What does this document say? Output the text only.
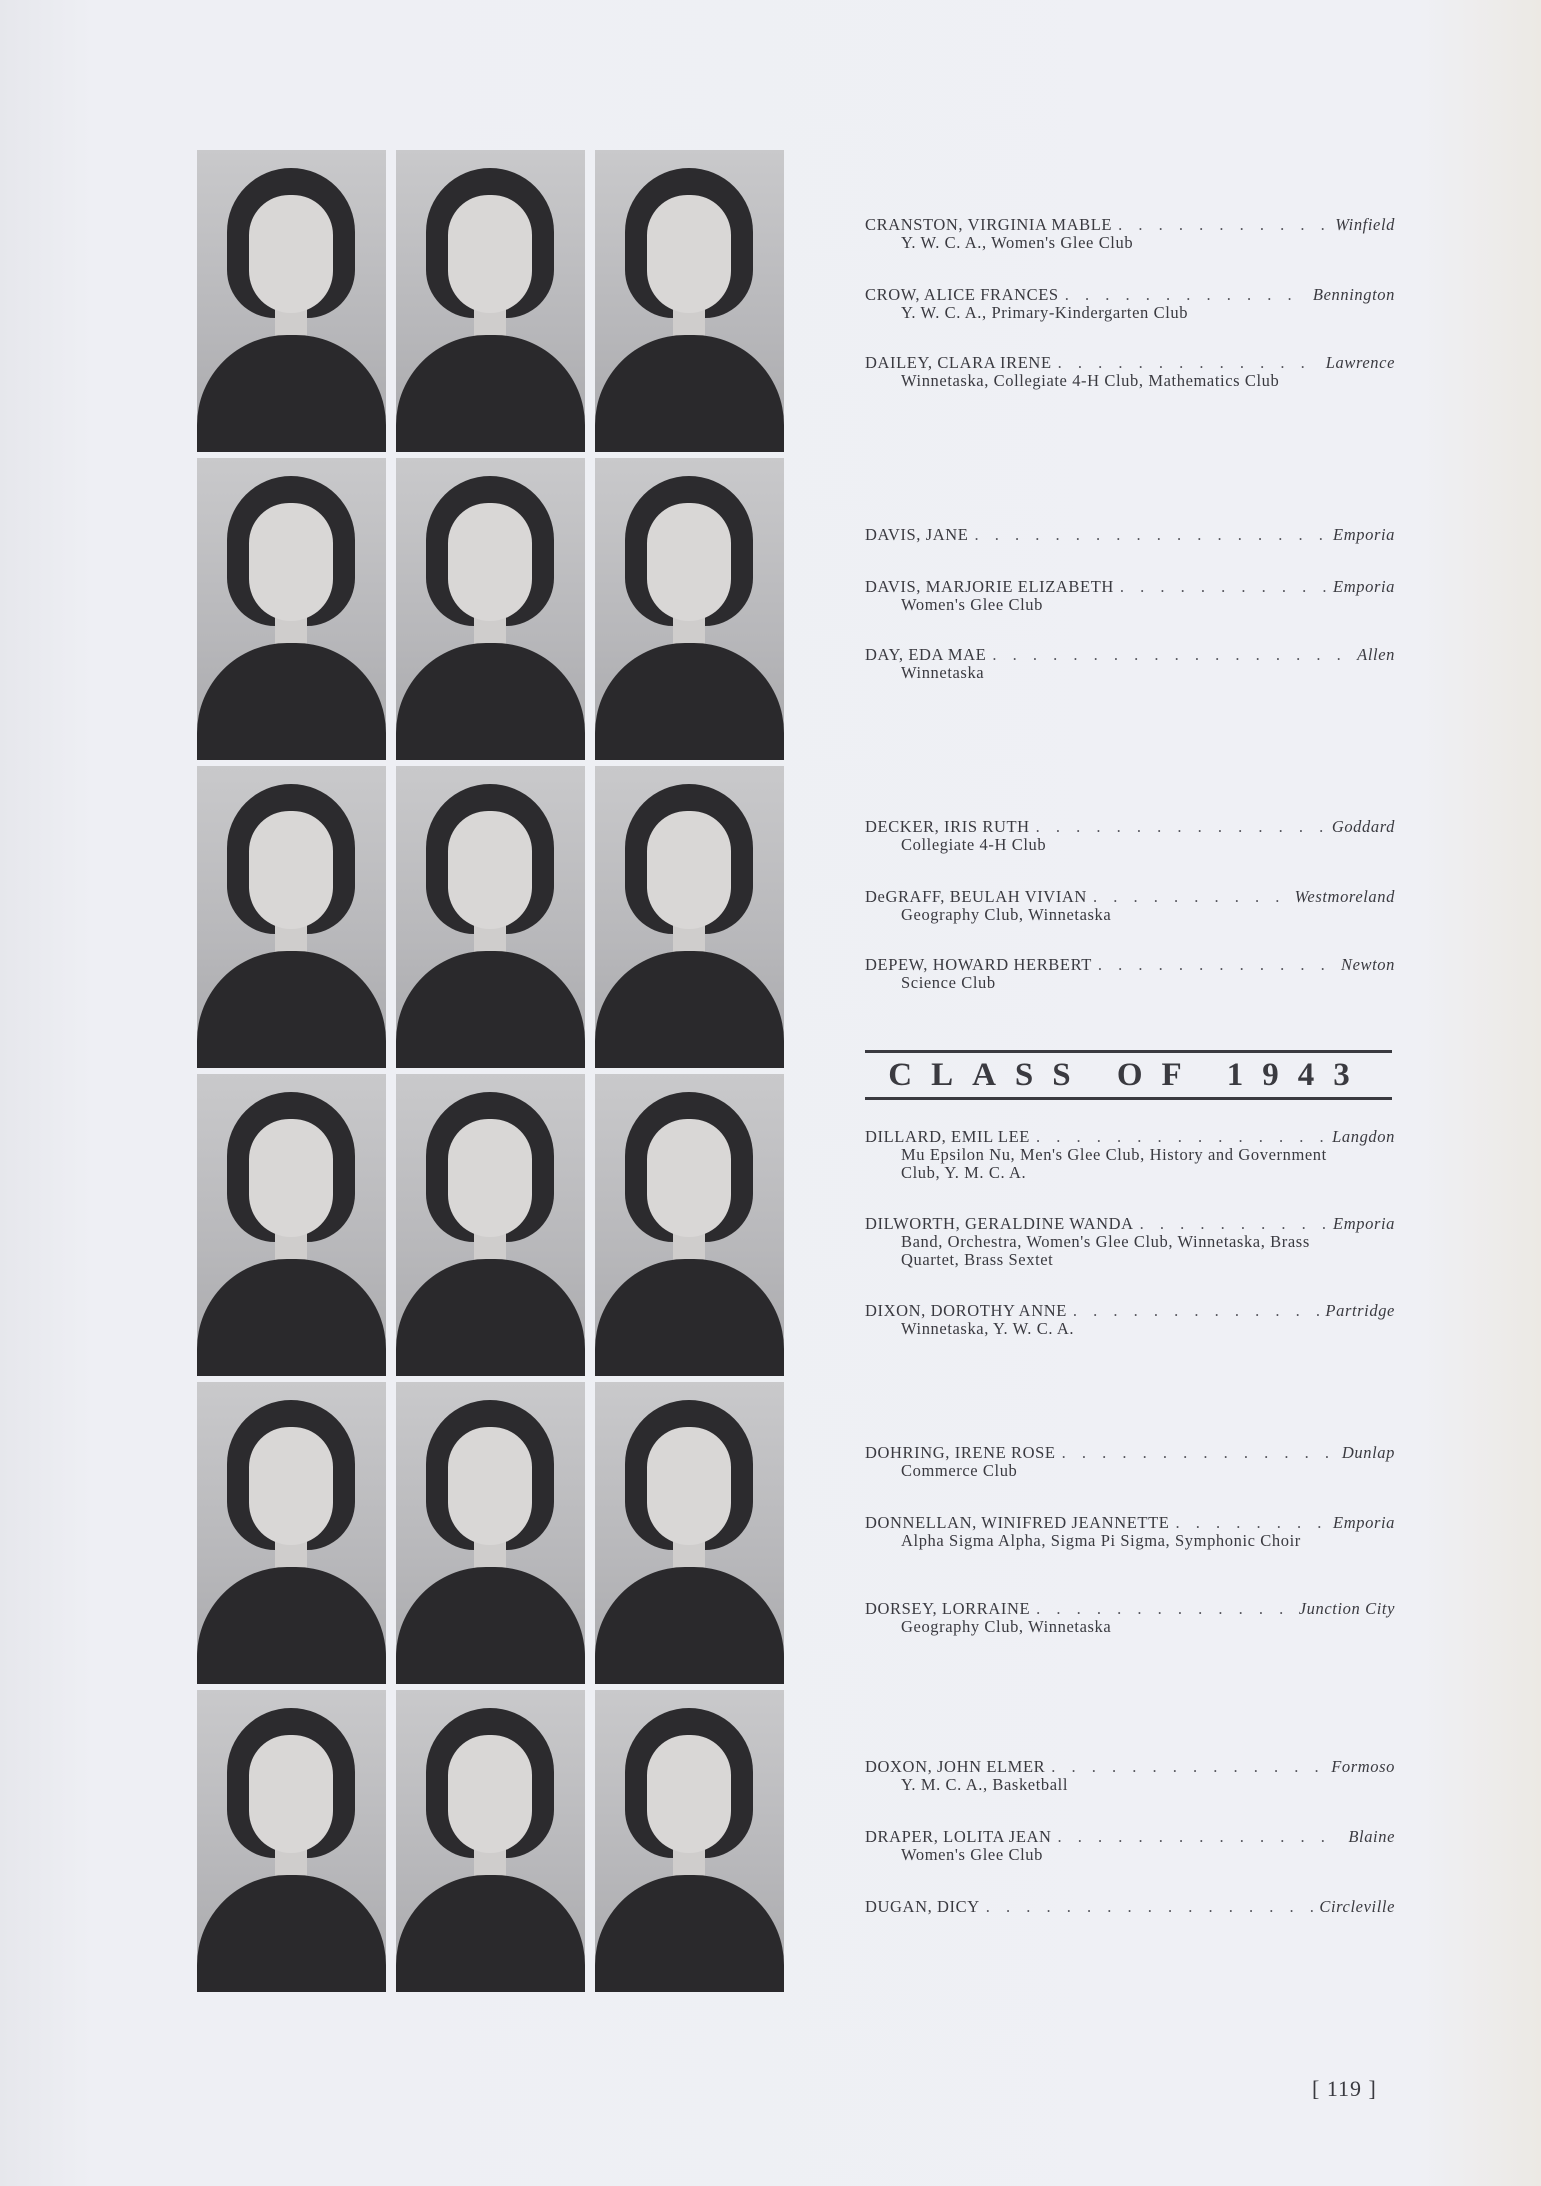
CRANSTON, VIRGINIA MABLE . . .	Winfield
Y. W. C. A., Women's Glee Club
CROW, ALICE FRANCES . . .	Bennington
Y. W. C. A., Primary-Kindergarten Club
DAILEY, CLARA IRENE . . .	Lawrence
Winnetaska, Collegiate 4-H Club, Mathematics Club
DAVIS, JANE . . .	Emporia
DAVIS, MARJORIE ELIZABETH . . .	Emporia
Women's Glee Club
DAY, EDA MAE . . .	Allen
Winnetaska
DECKER, IRIS RUTH . . .	Goddard
Collegiate 4-H Club
DeGRAFF, BEULAH VIVIAN . . .	Westmoreland
Geography Club, Winnetaska
DEPEW, HOWARD HERBERT . . .	Newton
Science Club
DILLARD, EMIL LEE . . .	Langdon
Mu Epsilon Nu, Men's Glee Club, History and Government Club, Y. M. C. A.
DILWORTH, GERALDINE WANDA . . .	Emporia
Band, Orchestra, Women's Glee Club, Winnetaska, Brass Quartet, Brass Sextet
DIXON, DOROTHY ANNE . . .	Partridge
Winnetaska, Y. W. C. A.
DOHRING, IRENE ROSE . . .	Dunlap
Commerce Club
DONNELLAN, WINIFRED JEANNETTE . . .	Emporia
Alpha Sigma Alpha, Sigma Pi Sigma, Symphonic Choir
DORSEY, LORRAINE . . .	Junction City
Geography Club, Winnetaska
DOXON, JOHN ELMER . . .	Formoso
Y. M. C. A., Basketball
DRAPER, LOLITA JEAN . . .	Blaine
Women's Glee Club
DUGAN, DICY . . .	Circleville
CLASS OF 1943
[ 119 ]
